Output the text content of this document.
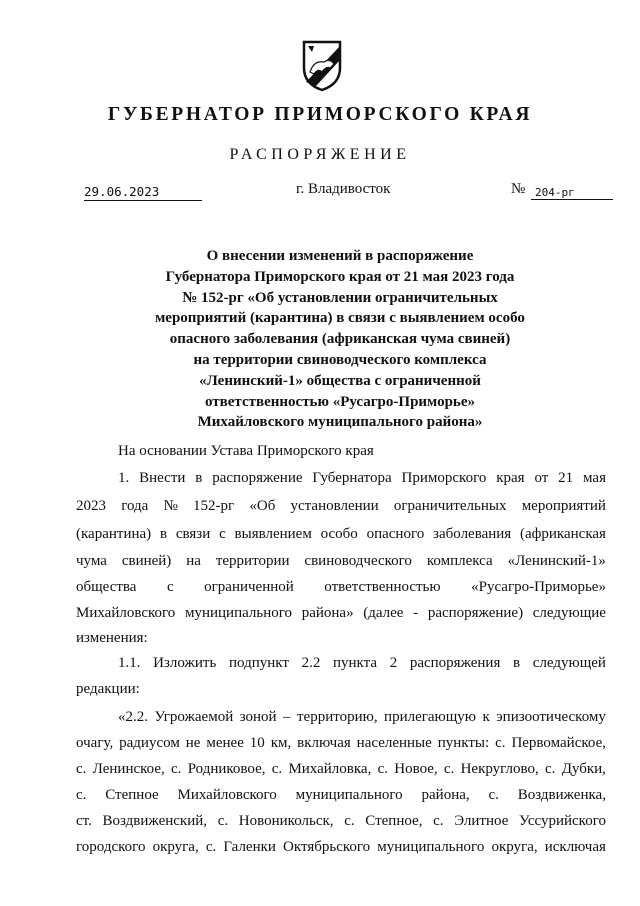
ГУБЕРНАТОР ПРИМОРСКОГО КРАЯ
РАСПОРЯЖЕНИЕ
29.06.2023	г. Владивосток	№ 204-рг
О внесении изменений в распоряжение
Губернатора Приморского края от 21 мая 2023 года
№ 152-рг «Об установлении ограничительных
мероприятий (карантина) в связи с выявлением особо
опасного заболевания (африканская чума свиней)
на территории свиноводческого комплекса
«Ленинский-1» общества с ограниченной
ответственностью «Русагро-Приморье»
Михайловского муниципального района»
На основании Устава Приморского края
1. Внести в распоряжение Губернатора Приморского края от 21 мая
2023 года № 152-рг «Об установлении ограничительных мероприятий
(карантина) в связи с выявлением особо опасного заболевания (африканская
чума свиней) на территории свиноводческого комплекса «Ленинский-1»
общества с ограниченной ответственностью «Русагро-Приморье»
Михайловского муниципального района» (далее - распоряжение) следующие
изменения:
1.1. Изложить подпункт 2.2 пункта 2 распоряжения в следующей
редакции:
«2.2. Угрожаемой зоной – территорию, прилегающую к эпизоотическому
очагу, радиусом не менее 10 км, включая населенные пункты: с. Первомайское,
с. Ленинское, с. Родниковое, с. Михайловка, с. Новое, с. Некруглово, с. Дубки,
с. Степное Михайловского муниципального района, с. Воздвиженка,
ст. Воздвиженский, с. Новоникольск, с. Степное, с. Элитное Уссурийского
городского округа, с. Галенки Октябрьского муниципального округа, исключая
